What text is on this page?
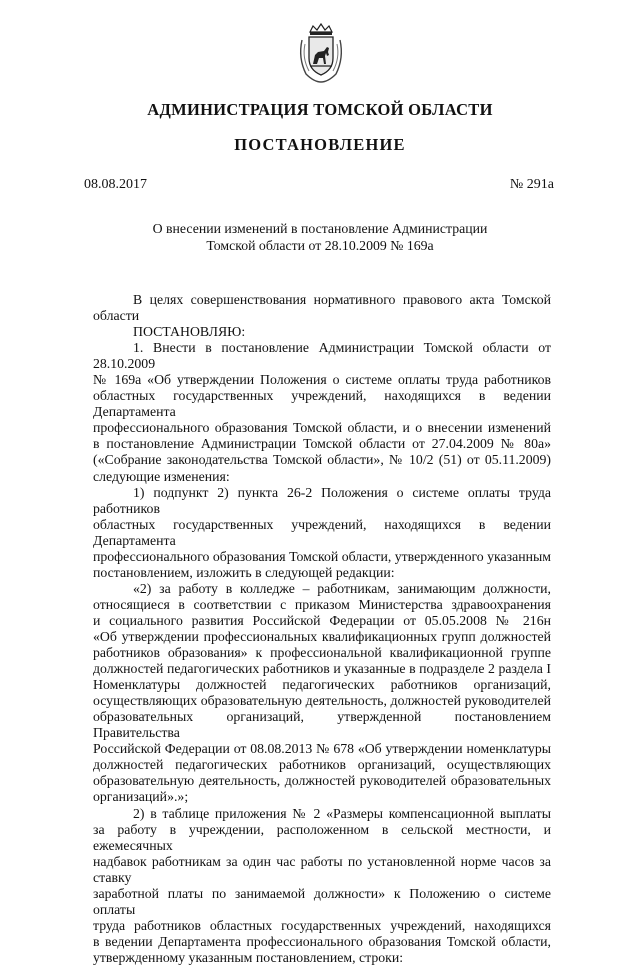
АДМИНИСТРАЦИЯ ТОМСКОЙ ОБЛАСТИ
ПОСТАНОВЛЕНИЕ
08.08.2017	№ 291а
О внесении изменений в постановление Администрации
Томской области от 28.10.2009 № 169а

В целях совершенствования нормативного правового акта Томской области

ПОСТАНОВЛЯЮ:

1. Внести в постановление Администрации Томской области от 28.10.2009
№ 169а «Об утверждении Положения о системе оплаты труда работников
областных государственных учреждений, находящихся в ведении Департамента
профессионального образования Томской области, и о внесении изменений
в постановление Администрации Томской области от 27.04.2009 № 80а»
(«Собрание законодательства Томской области», № 10/2 (51) от 05.11.2009)
следующие изменения:
1) подпункт 2) пункта 26-2 Положения о системе оплаты труда работников
областных государственных учреждений, находящихся в ведении Департамента
профессионального образования Томской области, утвержденного указанным
постановлением, изложить в следующей редакции:
«2) за работу в колледже – работникам, занимающим должности,
относящиеся в соответствии с приказом Министерства здравоохранения
и социального развития Российской Федерации от 05.05.2008 № 216н
«Об утверждении профессиональных квалификационных групп должностей
работников образования» к профессиональной квалификационной группе
должностей педагогических работников и указанные в подразделе 2 раздела I
Номенклатуры должностей педагогических работников организаций,
осуществляющих образовательную деятельность, должностей руководителей
образовательных организаций, утвержденной постановлением Правительства
Российской Федерации от 08.08.2013 № 678 «Об утверждении номенклатуры
должностей педагогических работников организаций, осуществляющих
образовательную деятельность, должностей руководителей образовательных
организаций».»;
2) в таблице приложения № 2 «Размеры компенсационной выплаты
за работу в учреждении, расположенном в сельской местности, и ежемесячных
надбавок работникам за один час работы по установленной норме часов за ставку
заработной платы по занимаемой должности» к Положению о системе оплаты
труда работников областных государственных учреждений, находящихся
в ведении Департамента профессионального образования Томской области,
утвержденному указанным постановлением, строки:
